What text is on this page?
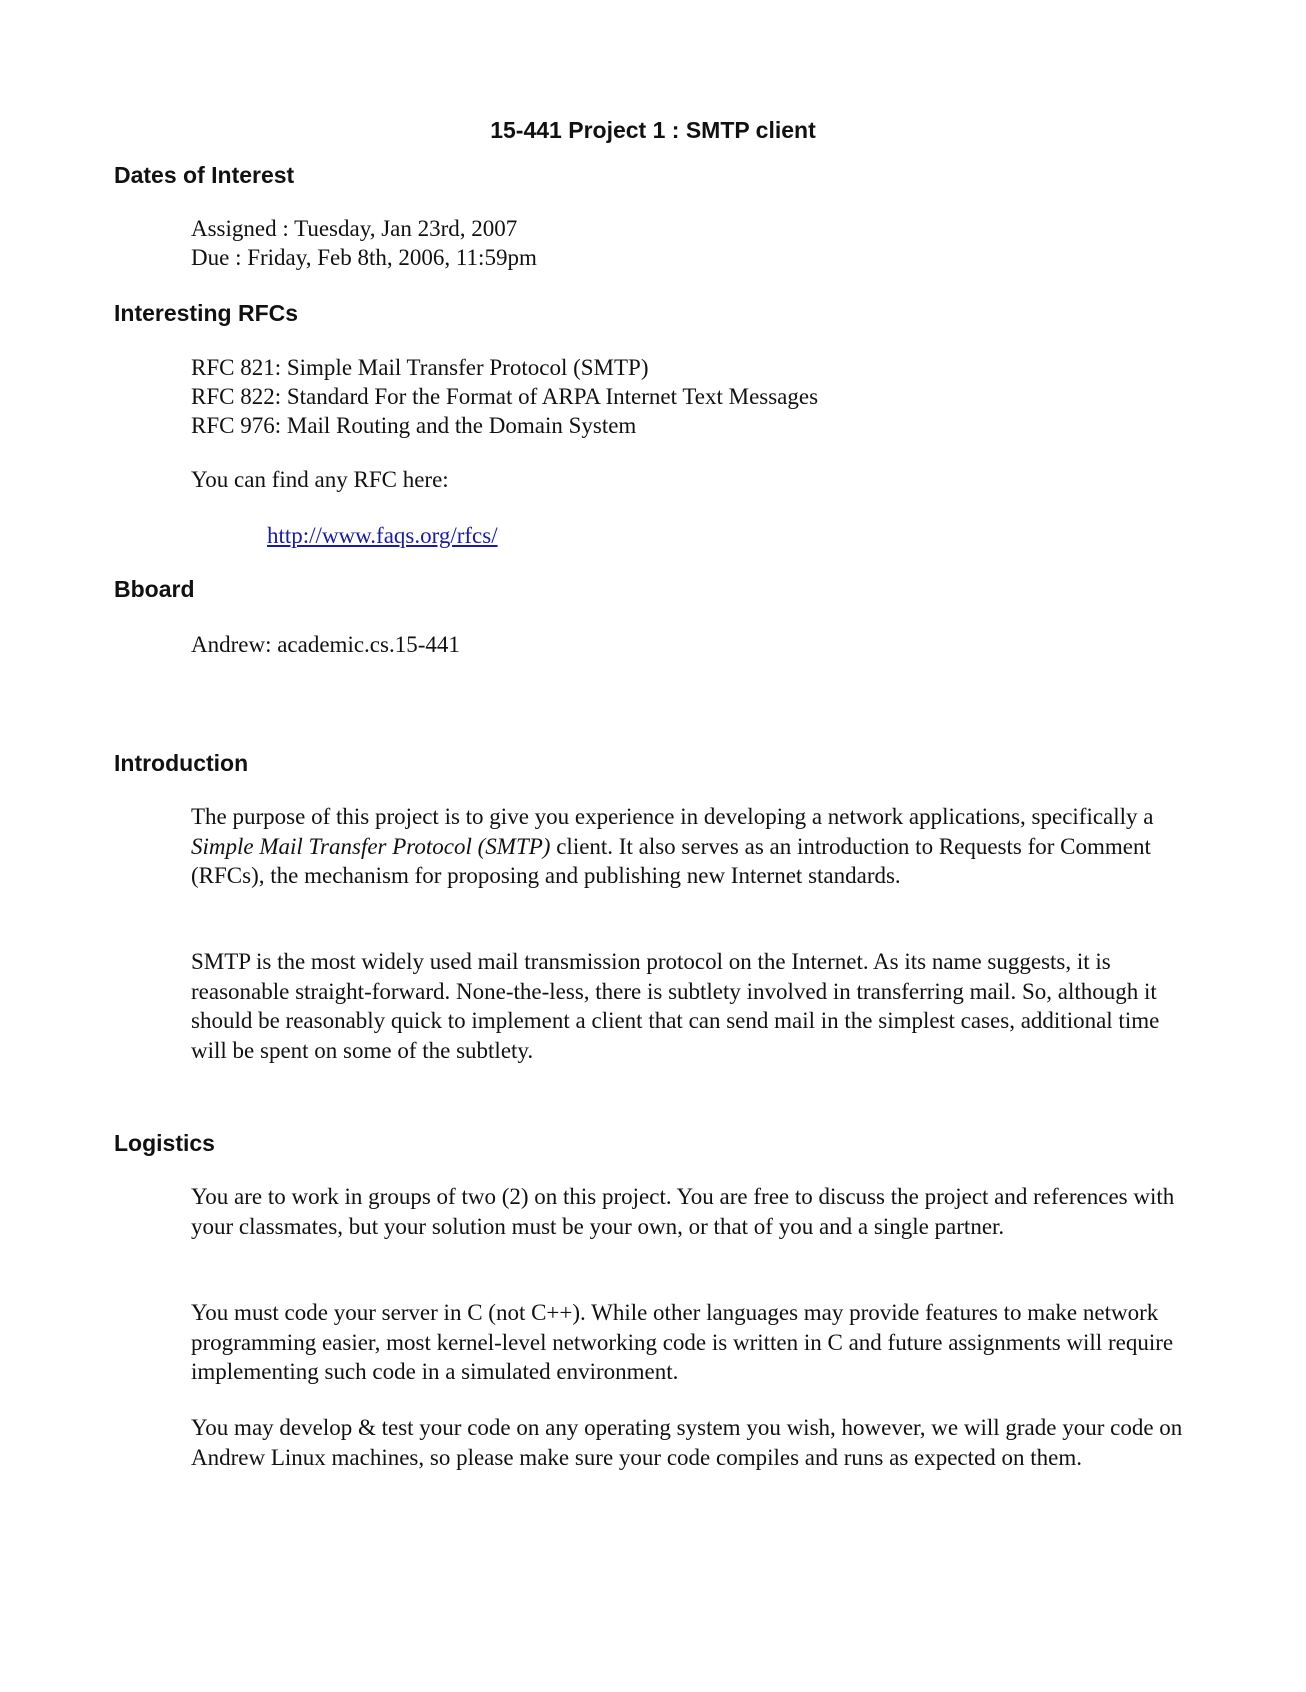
15-441 Project 1 : SMTP client
Dates of Interest
Assigned : Tuesday, Jan 23rd, 2007
Due : Friday, Feb 8th, 2006, 11:59pm
Interesting RFCs
RFC 821: Simple Mail Transfer Protocol (SMTP)
RFC 822: Standard For the Format of ARPA Internet Text Messages
RFC 976: Mail Routing and the Domain System
You can find any RFC here:
http://www.faqs.org/rfcs/
Bboard
Andrew: academic.cs.15-441
Introduction
The purpose of this project is to give you experience in developing a network applications, specifically a Simple Mail Transfer Protocol (SMTP) client. It also serves as an introduction to Requests for Comment (RFCs), the mechanism for proposing and publishing new Internet standards.
SMTP is the most widely used mail transmission protocol on the Internet. As its name suggests, it is reasonable straight-forward. None-the-less, there is subtlety involved in transferring mail. So, although it should be reasonably quick to implement a client that can send mail in the simplest cases, additional time will be spent on some of the subtlety.
Logistics
You are to work in groups of two (2) on this project. You are free to discuss the project and references with your classmates, but your solution must be your own, or that of you and a single partner.
You must code your server in C (not C++). While other languages may provide features to make network programming easier, most kernel-level networking code is written in C and future assignments will require implementing such code in a simulated environment.
You may develop & test your code on any operating system you wish, however, we will grade your code on Andrew Linux machines, so please make sure your code compiles and runs as expected on them.
